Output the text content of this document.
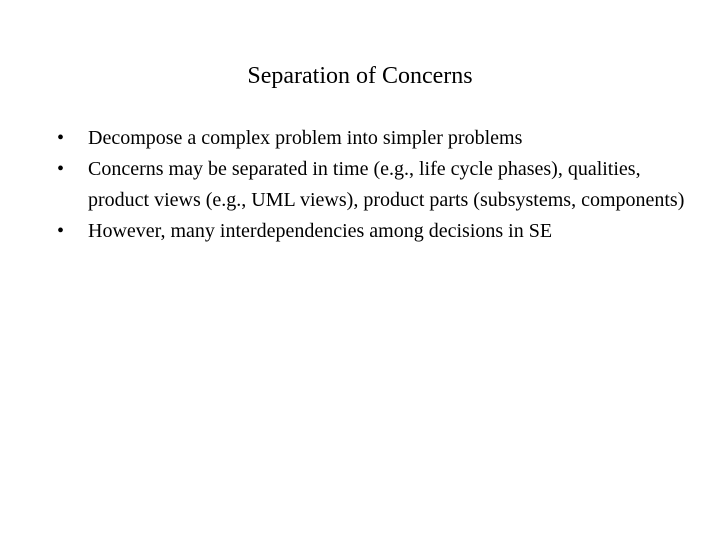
Separation of Concerns
•	Decompose a complex problem into simpler problems
•	Concerns may be separated in time (e.g., life cycle phases), qualities, product views (e.g., UML views), product parts (subsystems, components)
•	However, many interdependencies among decisions in SE
